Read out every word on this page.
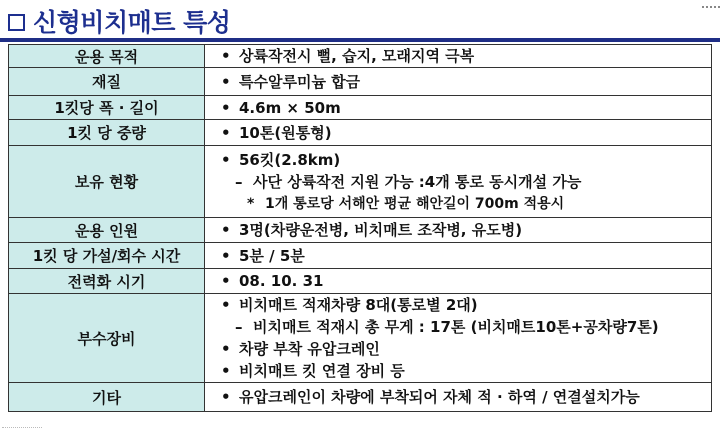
신형비치매트 특성
운용 목적	• 상륙작전시 뻘, 습지, 모래지역 극복

재질	• 특수알루미늄 합금

1킷당 폭 · 길이	• 4.6m × 50m

1킷 당 중량	• 10톤(원통형)

보유 현황	• 56킷(2.8km)
– 사단 상륙작전 지원 가능 :4개 통로 동시개설 가능
* 1개 통로당 서해안 평균 해안길이 700m 적용시

운용 인원	• 3명(차량운전병, 비치매트 조작병, 유도병)

1킷 당 가설/회수 시간	• 5분 / 5분

전력화 시기	• 08. 10. 31

부수장비	• 비치매트 적재차량 8대(통로별 2대)
– 비치매트 적재시 총 무게 : 17톤 (비치매트10톤+공차량7톤)
• 차량 부착 유압크레인
• 비치매트 킷 연결 장비 등

기타	• 유압크레인이 차량에 부착되어 자체 적 · 하역 / 연결설치가능
